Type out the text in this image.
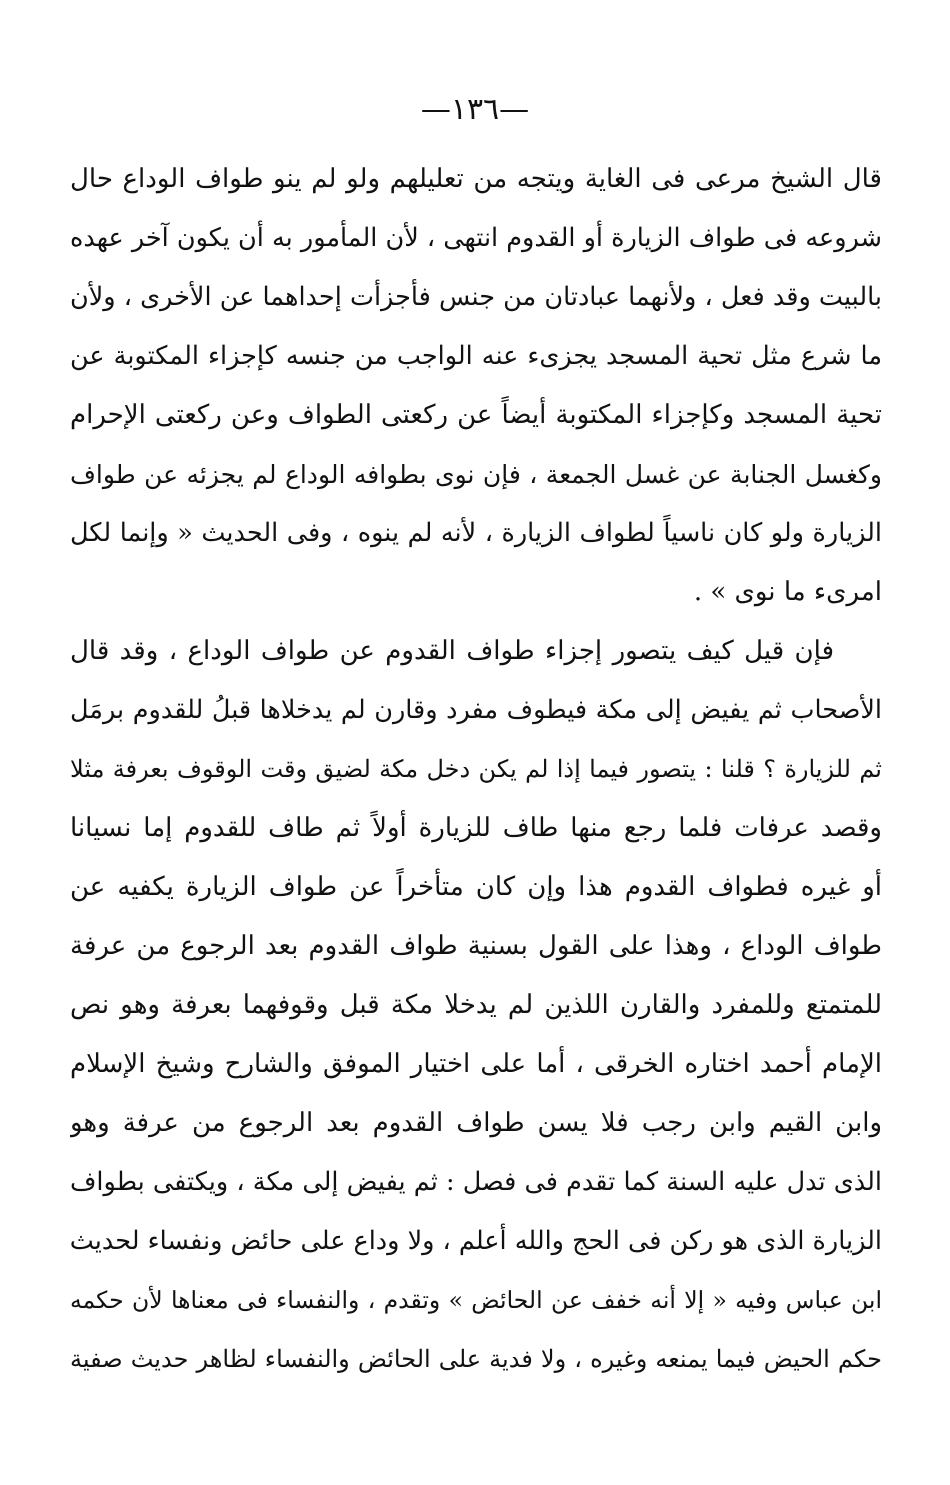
—١٣٦—
قال الشيخ مرعى فى الغاية ويتجه من تعليلهم ولو لم ينو طواف الوداع حال
شروعه فى طواف الزيارة أو القدوم انتهى ، لأن المأمور به أن يكون آخر عهده
بالبيت وقد فعل ، ولأنهما عبادتان من جنس فأجزأت إحداهما عن الأخرى ، ولأن
ما شرع مثل تحية المسجد يجزىء عنه الواجب من جنسه كإجزاء المكتوبة عن
تحية المسجد وكإجزاء المكتوبة أيضاً عن ركعتى الطواف وعن ركعتى الإحرام
وكغسل الجنابة عن غسل الجمعة ، فإن نوى بطوافه الوداع لم يجزئه عن طواف
الزيارة ولو كان ناسياً لطواف الزيارة ، لأنه لم ينوه ، وفى الحديث « وإنما لكل
امرىء ما نوى » .
فإن قيل كيف يتصور إجزاء طواف القدوم عن طواف الوداع ، وقد قال
الأصحاب ثم يفيض إلى مكة فيطوف مفرد وقارن لم يدخلاها قبلُ للقدوم برمَل
ثم للزيارة ؟ قلنا : يتصور فيما إذا لم يكن دخل مكة لضيق وقت الوقوف بعرفة مثلا
وقصد عرفات فلما رجع منها طاف للزيارة أولاً ثم طاف للقدوم إما نسيانا
أو غيره فطواف القدوم هذا وإن كان متأخراً عن طواف الزيارة يكفيه عن
طواف الوداع ، وهذا على القول بسنية طواف القدوم بعد الرجوع من عرفة
للمتمتع وللمفرد والقارن اللذين لم يدخلا مكة قبل وقوفهما بعرفة وهو نص
الإمام أحمد اختاره الخرقى ، أما على اختيار الموفق والشارح وشيخ الإسلام
وابن القيم وابن رجب فلا يسن طواف القدوم بعد الرجوع من عرفة وهو
الذى تدل عليه السنة كما تقدم فى فصل : ثم يفيض إلى مكة ، ويكتفى بطواف
الزيارة الذى هو ركن فى الحج والله أعلم ، ولا وداع على حائض ونفساء لحديث
ابن عباس وفيه « إلا أنه خفف عن الحائض » وتقدم ، والنفساء فى معناها لأن حكمه
حكم الحيض فيما يمنعه وغيره ، ولا فدية على الحائض والنفساء لظاهر حديث صفية
